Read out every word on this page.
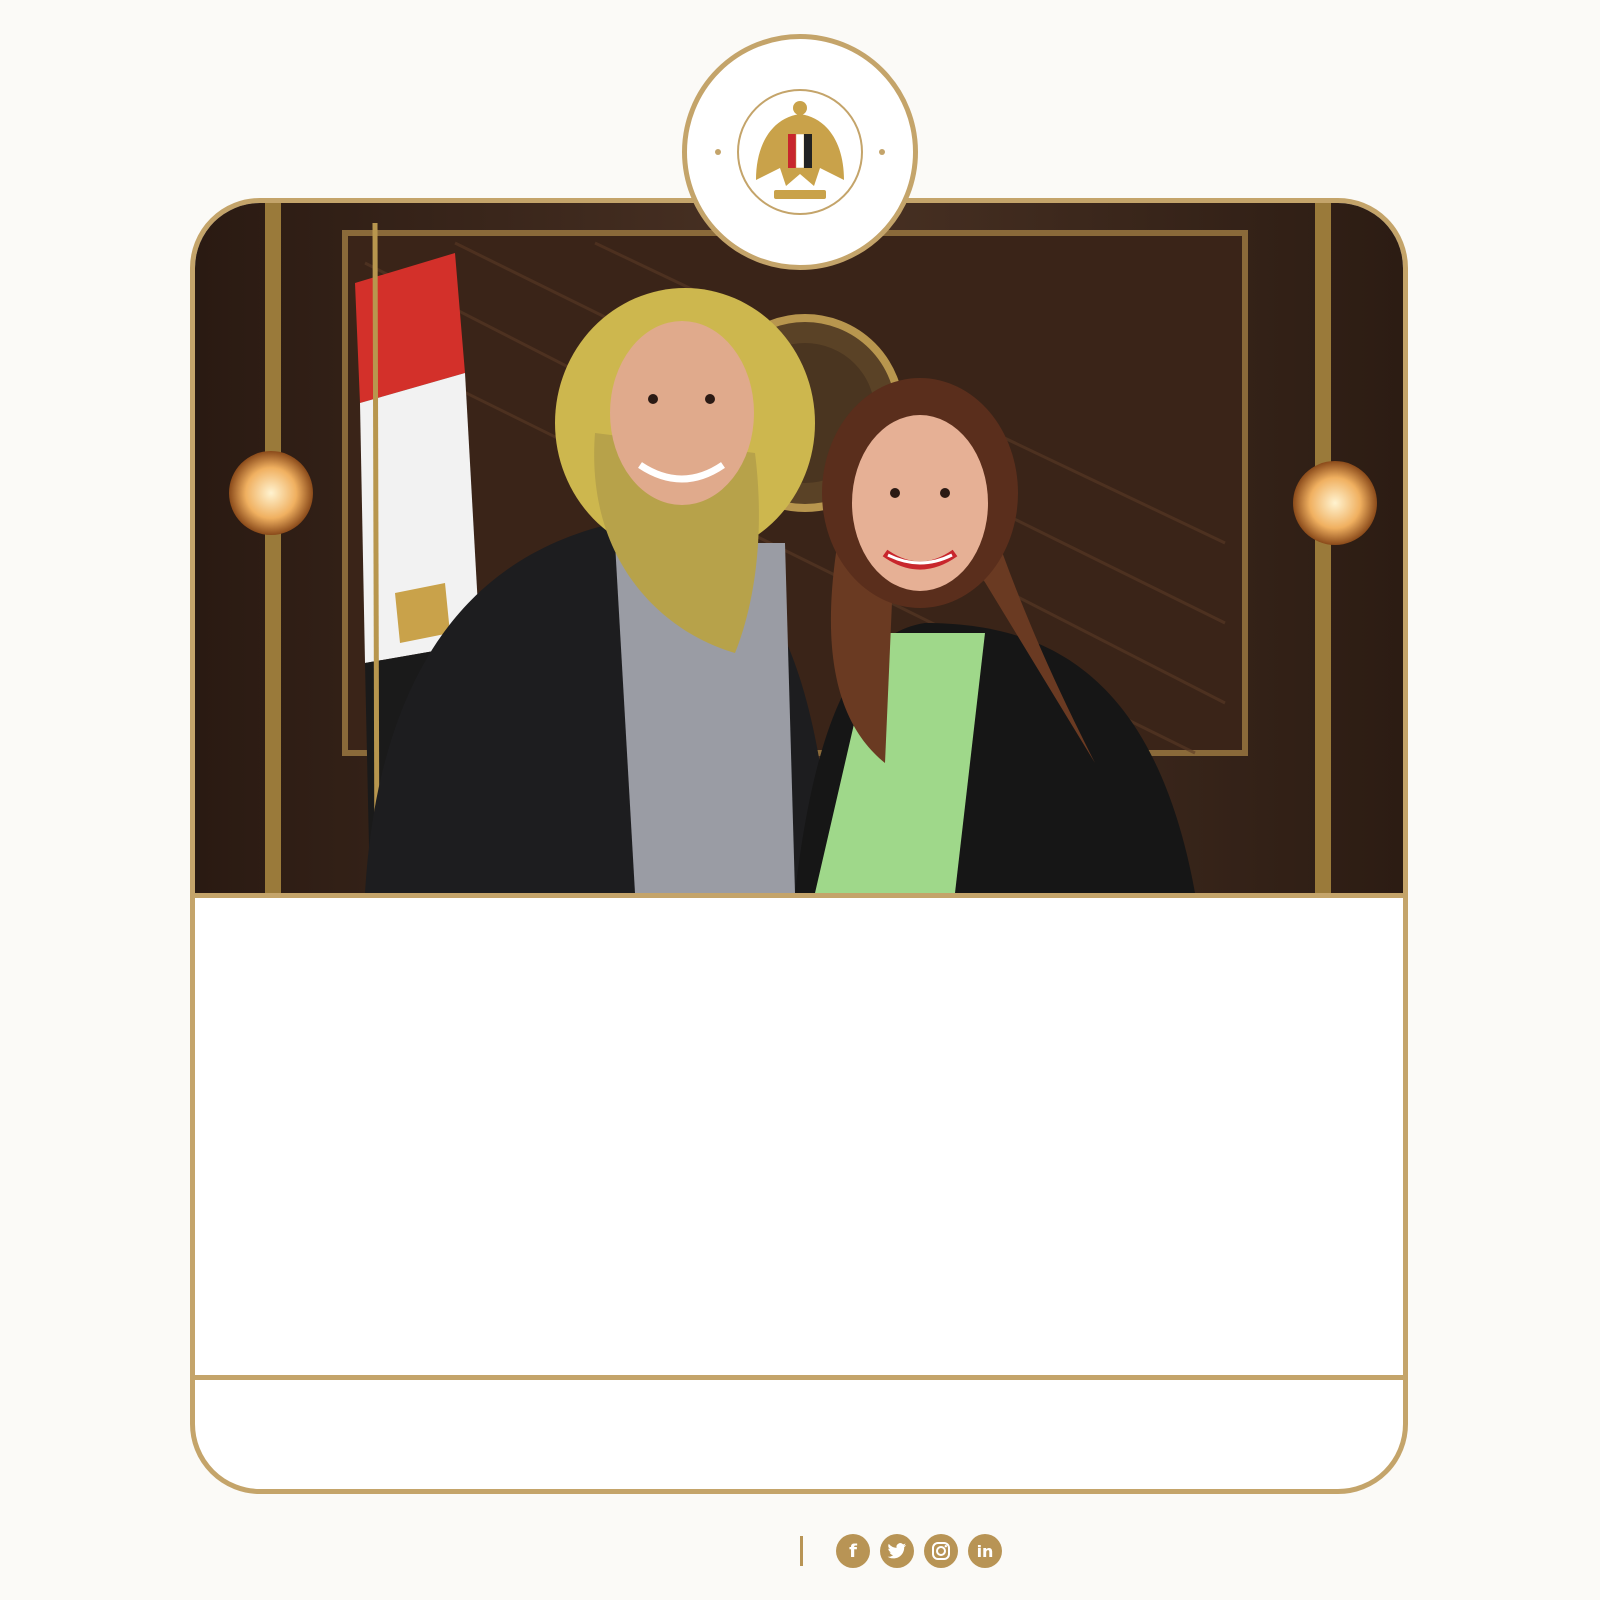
f	in
